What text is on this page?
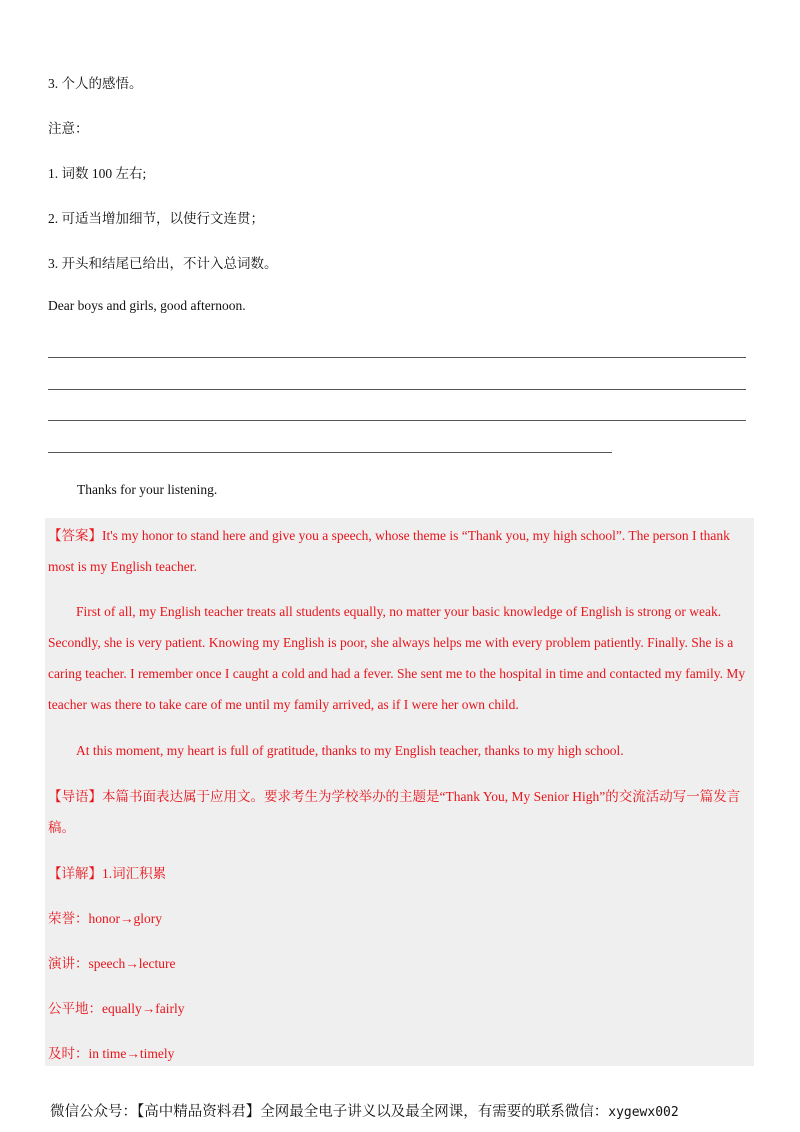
3. 个人的感悟。
注意：
1. 词数 100 左右;
2. 可适当增加细节，以使行文连贯；
3. 开头和结尾已给出，不计入总词数。
Dear boys and girls, good afternoon.
Thanks for your listening.
【答案】It's my honor to stand here and give you a speech, whose theme is “Thank you, my high school”. The person I thank most is my English teacher.
First of all, my English teacher treats all students equally, no matter your basic knowledge of English is strong or weak. Secondly, she is very patient. Knowing my English is poor, she always helps me with every problem patiently. Finally. She is a caring teacher. I remember once I caught a cold and had a fever. She sent me to the hospital in time and contacted my family. My teacher was there to take care of me until my family arrived, as if I were her own child.
At this moment, my heart is full of gratitude, thanks to my English teacher, thanks to my high school.
【导语】本篇书面表达属于应用文。要求考生为学校举办的主题是“Thank You, My Senior High”的交流活动写一篇发言稿。
【详解】1.词汇积累
荣誉：honor→glory
演讲：speech→lecture
公平地：equally→fairly
及时：in time→timely
微信公众号：【高中精品资料君】全网最全电子讲义以及最全网课，有需要的联系微信：xygewx002
